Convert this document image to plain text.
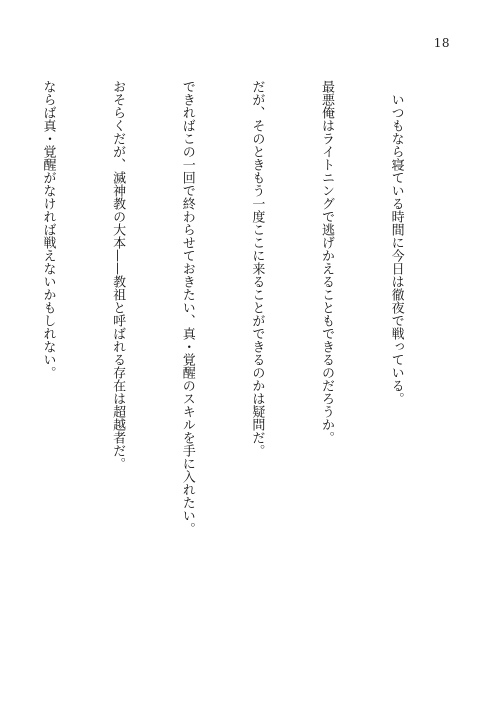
18

いつもなら寝ている時間に今日は徹夜で戦っている。

最悪俺はライトニングで逃げかえることもできるのだろうか。

だが、そのときもう一度ここに来ることができるのかは疑問だ。

できればこの一回で終わらせておきたい、真・覚醒のスキルを手に入れたい。

おそらくだが、滅神教の大本——教祖と呼ばれる存在は超越者だ。

ならば真・覚醒がなければ戦えないかもしれない。
